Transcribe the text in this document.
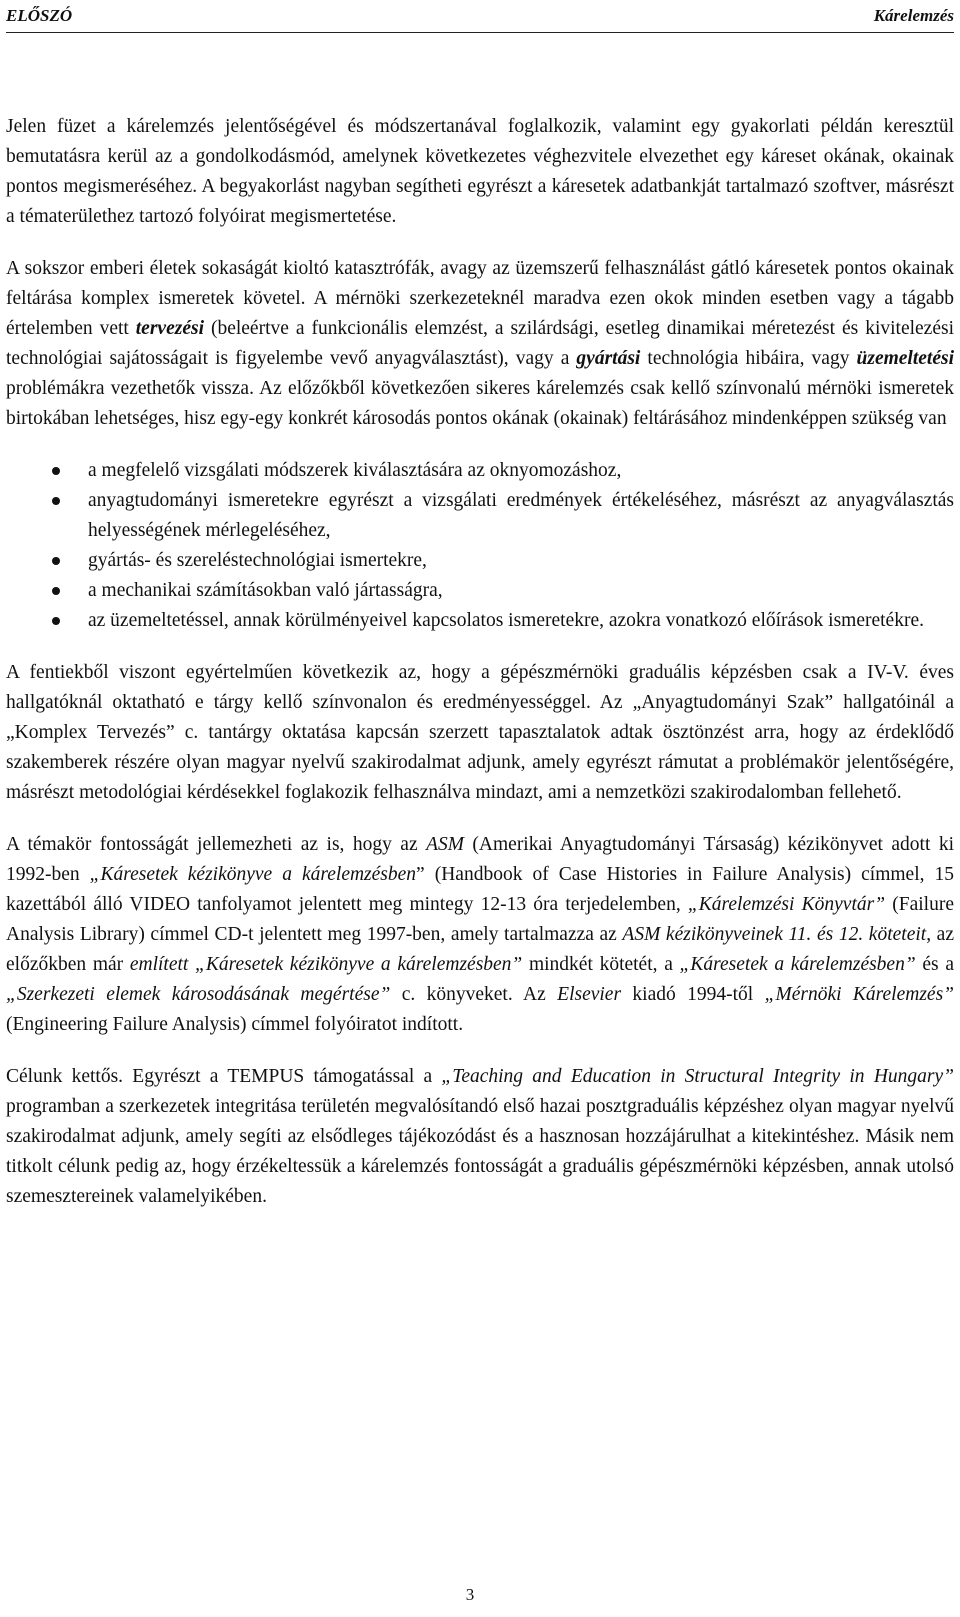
ELŐSZÓ	Kárelemzés

Jelen füzet a kárelemzés jelentőségével és módszertanával foglalkozik, valamint egy gyakorlati példán keresztül bemutatásra kerül az a gondolkodásmód, amelynek következetes véghezvitele elvezethet egy káreset okának, okainak pontos megismeréséhez. A begyakorlást nagyban segítheti egyrészt a káresetek adatbankját tartalmazó szoftver, másrészt a tématerülethez tartozó folyóirat megismertetése.

A sokszor emberi életek sokaságát kioltó katasztrófák, avagy az üzemszerű felhasználást gátló káresetek pontos okainak feltárása komplex ismeretek követel. A mérnöki szerkezeteknél maradva ezen okok minden esetben vagy a tágabb értelemben vett tervezési (beleértve a funkcionális elemzést, a szilárdsági, esetleg dinamikai méretezést és kivitelezési technológiai sajátosságait is figyelembe vevő anyagválasztást), vagy a gyártási technológia hibáira, vagy üzemeltetési problémákra vezethetők vissza. Az előzőkből következően sikeres kárelemzés csak kellő színvonalú mérnöki ismeretek birtokában lehetséges, hisz egy-egy konkrét károsodás pontos okának (okainak) feltárásához mindenképpen szükség van

a megfelelő vizsgálati módszerek kiválasztására az oknyomozáshoz,
anyagtudományi ismeretekre egyrészt a vizsgálati eredmények értékeléséhez, másrészt az anyagválasztás helyességének mérlegeléséhez,
gyártás- és szereléstechnológiai ismertekre,
a mechanikai számításokban való jártasságra,
az üzemeltetéssel, annak körülményeivel kapcsolatos ismeretekre, azokra vonatkozó előírások ismeretékre.

A fentiekből viszont egyértelműen következik az, hogy a gépészmérnöki graduális képzésben csak a IV-V. éves hallgatóknál oktatható e tárgy kellő színvonalon és eredményességgel. Az „Anyagtudományi Szak” hallgatóinál a „Komplex Tervezés” c. tantárgy oktatása kapcsán szerzett tapasztalatok adtak ösztönzést arra, hogy az érdeklődő szakemberek részére olyan magyar nyelvű szakirodalmat adjunk, amely egyrészt rámutat a problémakör jelentőségére, másrészt metodológiai kérdésekkel foglakozik felhasználva mindazt, ami a nemzetközi szakirodalomban fellehető.

A témakör fontosságát jellemezheti az is, hogy az ASM (Amerikai Anyagtudományi Társaság) kézikönyvet adott ki 1992-ben „Káresetek kézikönyve a kárelemzésben” (Handbook of Case Histories in Failure Analysis) címmel, 15 kazettából álló VIDEO tanfolyamot jelentett meg mintegy 12-13 óra terjedelemben, „Kárelemzési Könyvtár” (Failure Analysis Library) címmel CD-t jelentett meg 1997-ben, amely tartalmazza az ASM kézikönyveinek 11. és 12. köteteit, az előzőkben már említett „Káresetek kézikönyve a kárelemzésben” mindkét kötetét, a „Káresetek a kárelemzésben” és a „Szerkezeti elemek károsodásának megértése” c. könyveket. Az Elsevier kiadó 1994-től „Mérnöki Kárelemzés” (Engineering Failure Analysis) címmel folyóiratot indított.

Célunk kettős. Egyrészt a TEMPUS támogatással a „Teaching and Education in Structural Integrity in Hungary” programban a szerkezetek integritása területén megvalósítandó első hazai posztgraduális képzéshez olyan magyar nyelvű szakirodalmat adjunk, amely segíti az elsődleges tájékozódást és a hasznosan hozzájárulhat a kitekintéshez. Másik nem titkolt célunk pedig az, hogy érzékeltessük a kárelemzés fontosságát a graduális gépészmérnöki képzésben, annak utolsó szemesztereinek valamelyikében.

3
